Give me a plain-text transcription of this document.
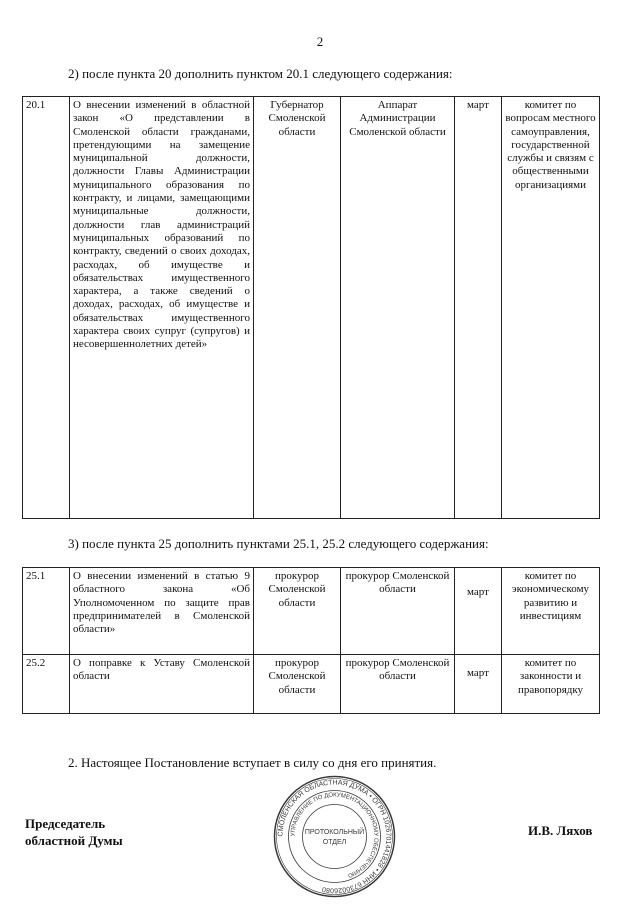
2
2) после пункта 20 дополнить пунктом 20.1 следующего содержания:
20.1	О внесении изменений в областной закон «О представлении в Смоленской области гражданами, претендующими на замещение муниципальной должности, должности Главы Администрации муниципального образования по контракту, и лицами, замещающими муниципальные должности, должности глав администраций муниципальных образований по контракту, сведений о своих доходах, расходах, об имуществе и обязательствах имущественного характера, а также сведений о доходах, расходах, об имуществе и обязательствах имущественного характера своих супруг (супругов) и несовершеннолетних детей»	Губернатор Смоленской области	Аппарат Администрации Смоленской области	март	комитет по вопросам местного самоуправления, государственной службы и связям с общественными организациями
3) после пункта 25 дополнить пунктами 25.1, 25.2 следующего содержания:
25.1	О внесении изменений в статью 9 областного закона «Об Уполномоченном по защите прав предпринимателей в Смоленской области»	прокурор Смоленской области	прокурор Смоленской области	март	комитет по экономическому развитию и инвестициям
25.2	О поправке к Уставу Смоленской области	прокурор Смоленской области	прокурор Смоленской области	март	комитет по законности и правопорядку
2. Настоящее Постановление вступает в силу со дня его принятия.
Председатель
областной Думы	СМОЛЕНСКАЯ ОБЛАСТНАЯ ДУМА • ОГРН 1026701441828 • ИНН 6730026080
УПРАВЛЕНИЕ ПО ДОКУМЕНТАЦИОННОМУ ОБЕСПЕЧЕНИЮ
ПРОТОКОЛЬНЫЙ
ОТДЕЛ
И.В. Ляхов
